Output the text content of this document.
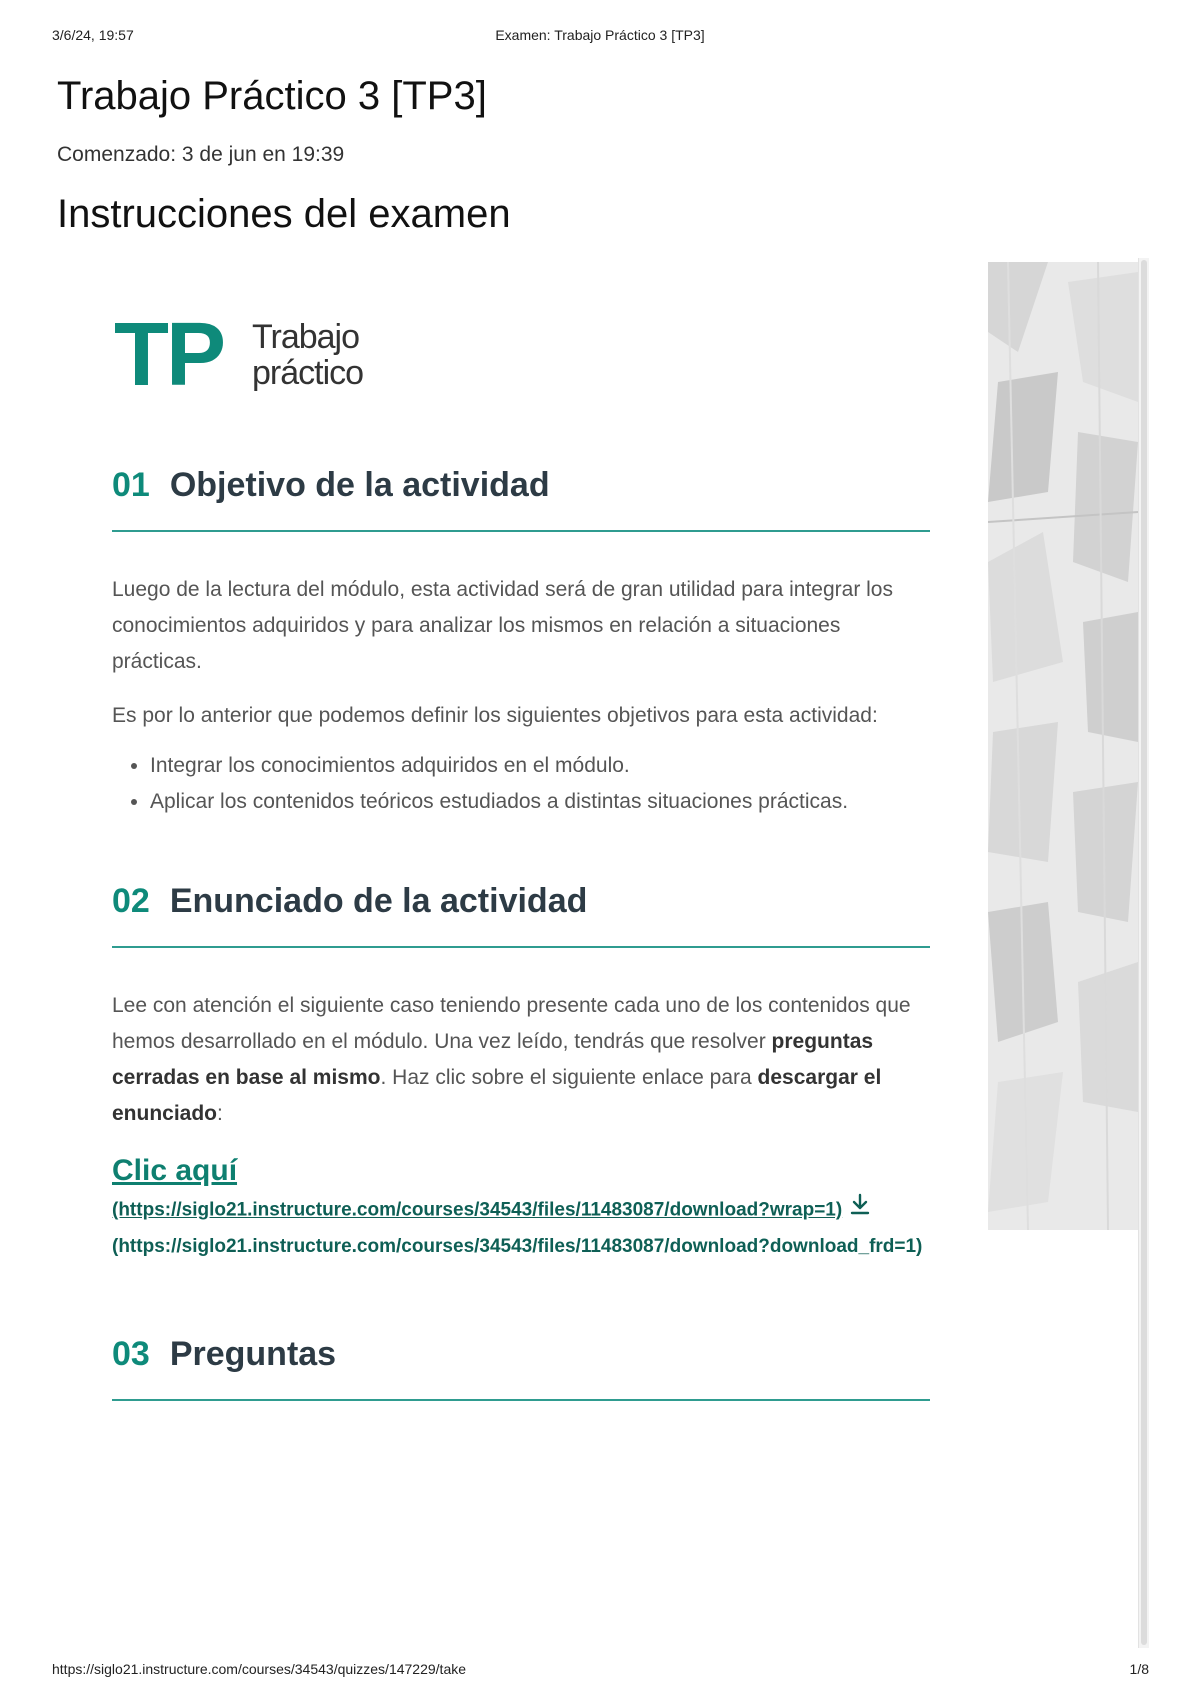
3/6/24, 19:57	Examen: Trabajo Práctico 3 [TP3]
Trabajo Práctico 3 [TP3]
Comenzado: 3 de jun en 19:39
Instrucciones del examen
TP Trabajo
práctico
01 Objetivo de la actividad

Luego de la lectura del módulo, esta actividad será de gran utilidad para integrar los conocimientos adquiridos y para analizar los mismos en relación a situaciones prácticas.

Es por lo anterior que podemos definir los siguientes objetivos para esta actividad:

• Integrar los conocimientos adquiridos en el módulo.
• Aplicar los contenidos teóricos estudiados a distintas situaciones prácticas.
02 Enunciado de la actividad

Lee con atención el siguiente caso teniendo presente cada uno de los contenidos que hemos desarrollado en el módulo. Una vez leído, tendrás que resolver preguntas cerradas en base al mismo. Haz clic sobre el siguiente enlace para descargar el enunciado:

Clic aquí

(https://siglo21.instructure.com/courses/34543/files/11483087/download?wrap=1)

(https://siglo21.instructure.com/courses/34543/files/11483087/download?download_frd=1)

03 Preguntas
https://siglo21.instructure.com/courses/34543/quizzes/147229/take	1/8
